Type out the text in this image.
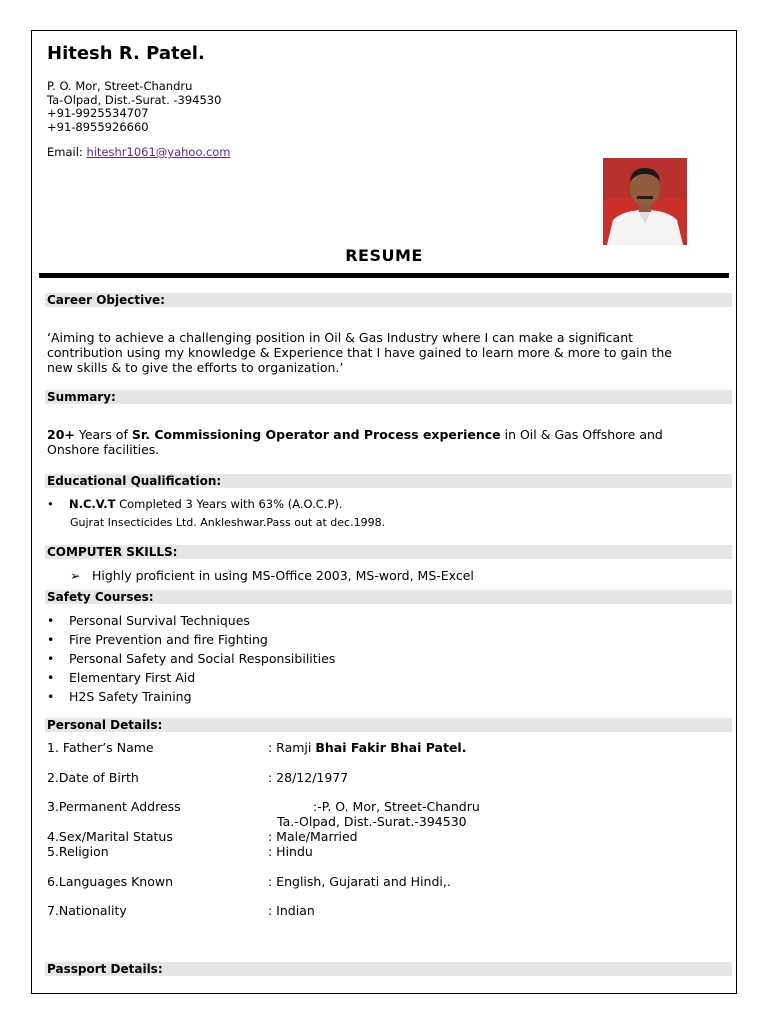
Hitesh R. Patel.
P. O. Mor, Street-Chandru
Ta-Olpad, Dist.-Surat. -394530
+91-9925534707
+91-8955926660
Email: hiteshr1061@yahoo.com
RESUME
Career Objective:
‘Aiming to achieve a challenging position in Oil & Gas Industry where I can make a significant
contribution using my knowledge & Experience that I have gained to learn more & more to gain the
new skills & to give the efforts to organization.’
Summary:
20+ Years of Sr. Commissioning Operator and Process experience in Oil & Gas Offshore and
Onshore facilities.
Educational Qualification:
• N.C.V.T Completed 3 Years with 63% (A.O.C.P).
Gujrat Insecticides Ltd. Ankleshwar.Pass out at dec.1998.
COMPUTER SKILLS:
➢ Highly proficient in using MS-Office 2003, MS-word, MS-Excel
Safety Courses:
• Personal Survival Techniques
• Fire Prevention and fire Fighting
• Personal Safety and Social Responsibilities
• Elementary First Aid
• H2S Safety Training
Personal Details:
1. Father’s Name	: Ramji Bhai Fakir Bhai Patel.
2.Date of Birth	: 28/12/1977
3.Permanent Address	:-P. O. Mor, Street-Chandru
Ta.-Olpad, Dist.-Surat.-394530
4.Sex/Marital Status	: Male/Married
5.Religion	: Hindu
6.Languages Known	: English, Gujarati and Hindi,.
7.Nationality	: Indian
Passport Details:
